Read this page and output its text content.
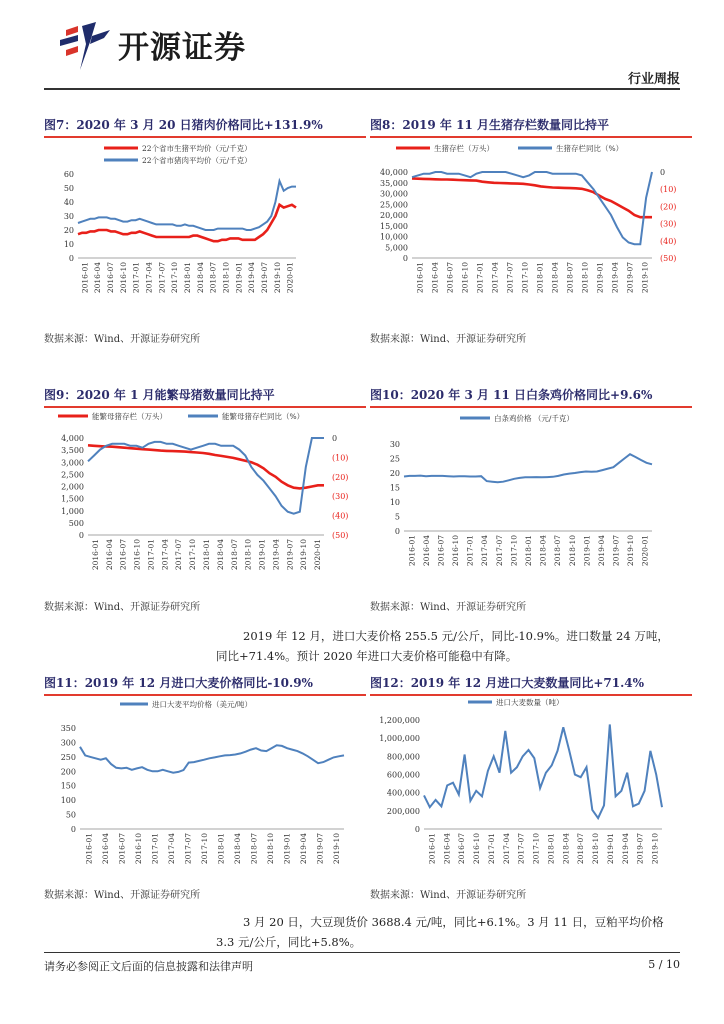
开源证券
行业周报
图7：2020 年 3 月 20 日猪肉价格同比+131.9%
60
50
40
30
20
10
0
2016-01 2016-04 2016-07 2016-10 2017-01 2017-04 2017-07 2017-10 2018-01 2018-04 2018-07 2018-10 2019-01 2019-04 2019-07 2019-10 2020-01
22个省市生猪平均价（元/千克）
22个省市猪肉平均价（元/千克）
数据来源：Wind、开源证券研究所
图8：2019 年 11 月生猪存栏数量同比持平
40,000
35,000
30,000
25,000
20,000
15,000
10,000
5,000
0
0
(10)
(20)
(30)
(40)
(50)
2016-01 2016-04 2016-07 2016-10 2017-01 2017-04 2017-07 2017-10 2018-01 2018-04 2018-07 2018-10 2019-01 2019-04 2019-07 2019-10
生猪存栏（万头）	生猪存栏同比（%）
数据来源：Wind、开源证券研究所
图9：2020 年 1 月能繁母猪数量同比持平
4,000
3,500
3,000
2,500
2,000
1,500
1,000
500
0
0
(10)
(20)
(30)
(40)
(50)
2016-01 2016-04 2016-07 2016-10 2017-01 2017-04 2017-07 2017-10 2018-01 2018-04 2018-07 2018-10 2019-01 2019-04 2019-07 2019-10 2020-01
能繁母猪存栏（万头）	能繁母猪存栏同比（%）
数据来源：Wind、开源证券研究所
图10：2020 年 3 月 11 日白条鸡价格同比+9.6%
30
25
20
15
10
5
0
2016-01 2016-04 2016-07 2016-10 2017-01 2017-04 2017-07 2017-10 2018-01 2018-04 2018-07 2018-10 2019-01 2019-04 2019-07 2019-10 2020-01
白条鸡价格 （元/千克）
数据来源：Wind、开源证券研究所
2019 年 12 月，进口大麦价格 255.5 元/公斤，同比-10.9%。进口数量 24 万吨，
同比+71.4%。预计 2020 年进口大麦价格可能稳中有降。
图11：2019 年 12 月进口大麦价格同比-10.9%
350
300
250
200
150
100
50
0
2016-01 2016-04 2016-07 2016-10 2017-01 2017-04 2017-07 2017-10 2018-01 2018-04 2018-07 2018-10 2019-01 2019-04 2019-07 2019-10
进口大麦平均价格（美元/吨）
数据来源：Wind、开源证券研究所
图12：2019 年 12 月进口大麦数量同比+71.4%
1,200,000
1,000,000
800,000
600,000
400,000
200,000
0
2016-01 2016-04 2016-07 2016-10 2017-01 2017-04 2017-07 2017-10 2018-01 2018-04 2018-07 2018-10 2019-01 2019-04 2019-07 2019-10
进口大麦数量（吨）
数据来源：Wind、开源证券研究所
3 月 20 日，大豆现货价 3688.4 元/吨，同比+6.1%。3 月 11 日，豆粕平均价格
3.3 元/公斤，同比+5.8%。
请务必参阅正文后面的信息披露和法律声明	5 / 10
